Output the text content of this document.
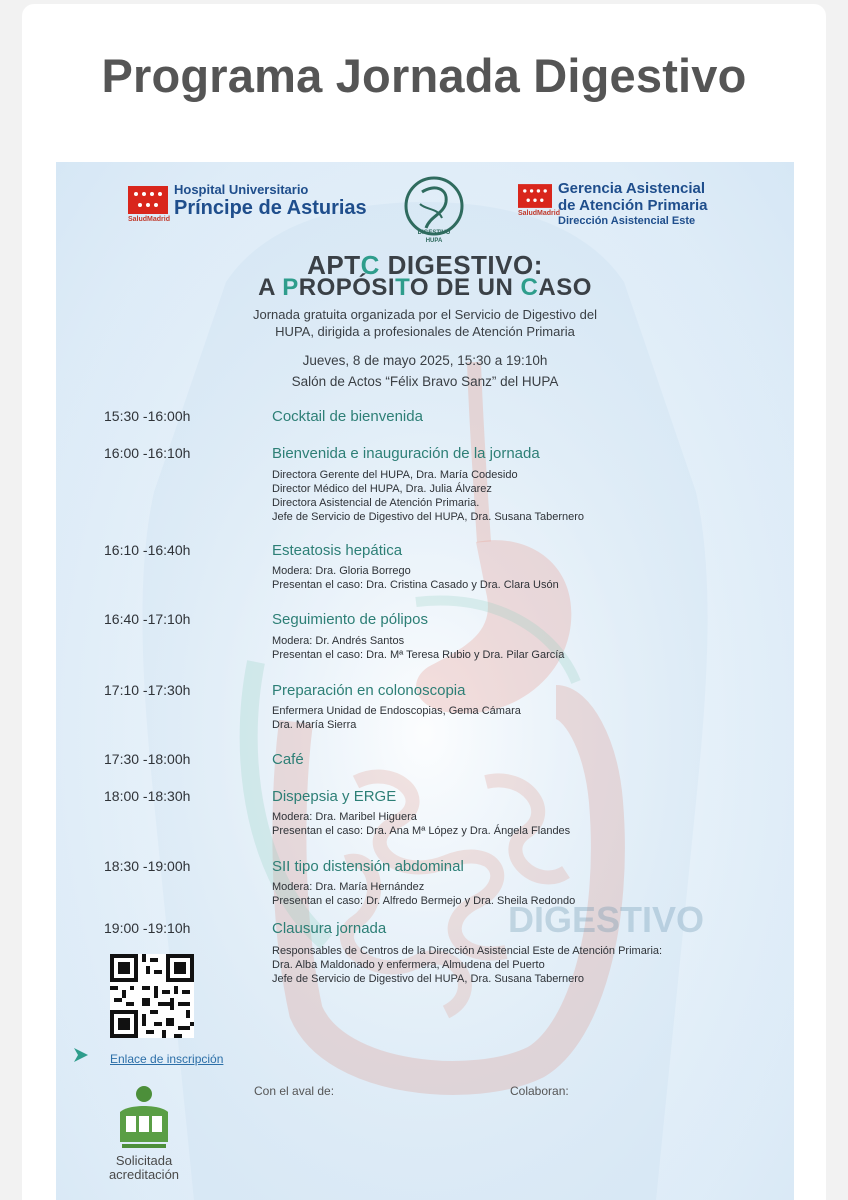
Programa Jornada Digestivo
DIGESTIVO
SaludMadrid
Hospital Universitario
Príncipe de Asturias
DIGESTIVO
HUPA
SaludMadrid
Gerencia Asistencial
de Atención Primaria
Dirección Asistencial Este
APTC DIGESTIVO:
A PROPÓSITO DE UN CASO
Jornada gratuita organizada por el Servicio de Digestivo del
HUPA, dirigida a profesionales de Atención Primaria
Jueves, 8 de mayo 2025, 15:30 a 19:10h
Salón de Actos “Félix Bravo Sanz” del HUPA
15:30 -16:00h	Cocktail de bienvenida
16:00 -16:10h	Bienvenida e inauguración de la jornada
Directora Gerente del HUPA, Dra. María Codesido
Director Médico del HUPA, Dra. Julia Álvarez
Directora Asistencial de Atención Primaria.
Jefe de Servicio de Digestivo del HUPA, Dra. Susana Tabernero
16:10 -16:40h	Esteatosis hepática
Modera: Dra. Gloria Borrego
Presentan el caso: Dra. Cristina Casado y Dra. Clara Usón
16:40 -17:10h	Seguimiento de pólipos
Modera: Dr. Andrés Santos
Presentan el caso: Dra. Mª Teresa Rubio y Dra. Pilar García
17:10 -17:30h	Preparación en colonoscopia
Enfermera Unidad de Endoscopias, Gema Cámara
Dra. María Sierra
17:30 -18:00h	Café
18:00 -18:30h	Dispepsia y ERGE
Modera: Dra. Maribel Higuera
Presentan el caso: Dra. Ana Mª López y Dra. Ángela Flandes
18:30 -19:00h	SII tipo distensión abdominal
Modera: Dra. María Hernández
Presentan el caso: Dr. Alfredo Bermejo y Dra. Sheila Redondo
19:00 -19:10h	Clausura jornada
Responsables de Centros de la Dirección Asistencial Este de Atención Primaria:
Dra. Alba Maldonado y enfermera, Almudena del Puerto
Jefe de Servicio de Digestivo del HUPA, Dra. Susana Tabernero
Enlace de inscripción
Con el aval de:	Colaboran:
Solicitada
acreditación
